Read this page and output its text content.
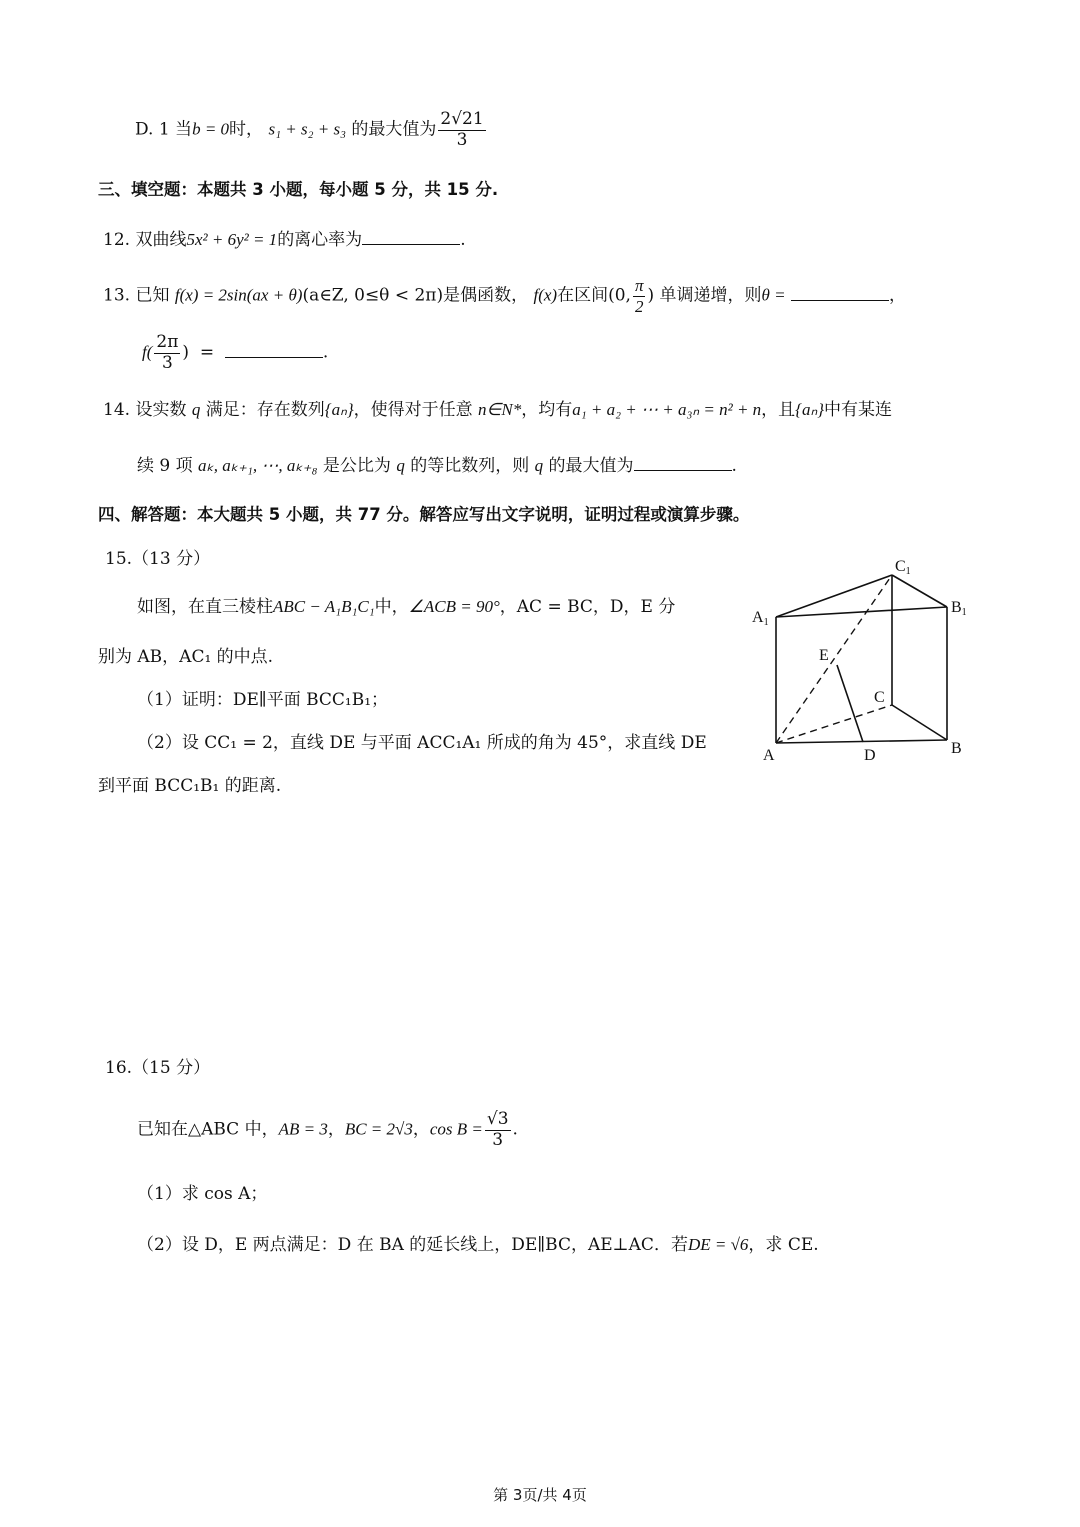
D. 1 当b = 0时， s₁ + s₂ + s₃ 的最大值为 $\frac{2√21}{3}$
三、填空题：本题共 3 小题，每小题 5 分，共 15 分.
12. 双曲线5x² + 6y² = 1的离心率为	.
13. 已知 f(x) = 2sin(ax + θ)(a∈Z, 0≤θ < 2π)是偶函数， f(x)在区间(0, $\frac{\pi}{2}$ ) 单调递增，则θ =	，
$f( \frac{2\pi}{3}$ ) =	.
14. 设实数 q 满足：存在数列{aₙ}，使得对于任意 n∈N*，均有a₁ + a₂ + ⋯ + a₃ₙ = n² + n，且{aₙ}中有某连
续 9 项 aₖ, aₖ₊₁, ⋯, aₖ₊₈ 是公比为 q 的等比数列，则 q 的最大值为	.
四、解答题：本大题共 5 小题，共 77 分。解答应写出文字说明，证明过程或演算步骤。
15.（13 分）
如图，在直三棱柱ABC − A₁B₁C₁中，∠ACB = 90°，AC = BC，D，E 分
别为 AB，AC₁ 的中点.
（1）证明：DE∥平面 BCC₁B₁；
（2）设 CC₁ = 2，直线 DE 与平面 ACC₁A₁ 所成的角为 45°，求直线 DE
到平面 BCC₁B₁ 的距离.
C1
A1
B1
E
C
A	D	B
16.（15 分）
已知在△ABC 中，AB = 3，BC = 2√3，$\cos B = \frac{√3}{3}$ .
（1）求 cos A；
（2）设 D，E 两点满足：D 在 BA 的延长线上，DE∥BC，AE⊥AC．若DE = √6，求 CE.
第 3页/共 4页
